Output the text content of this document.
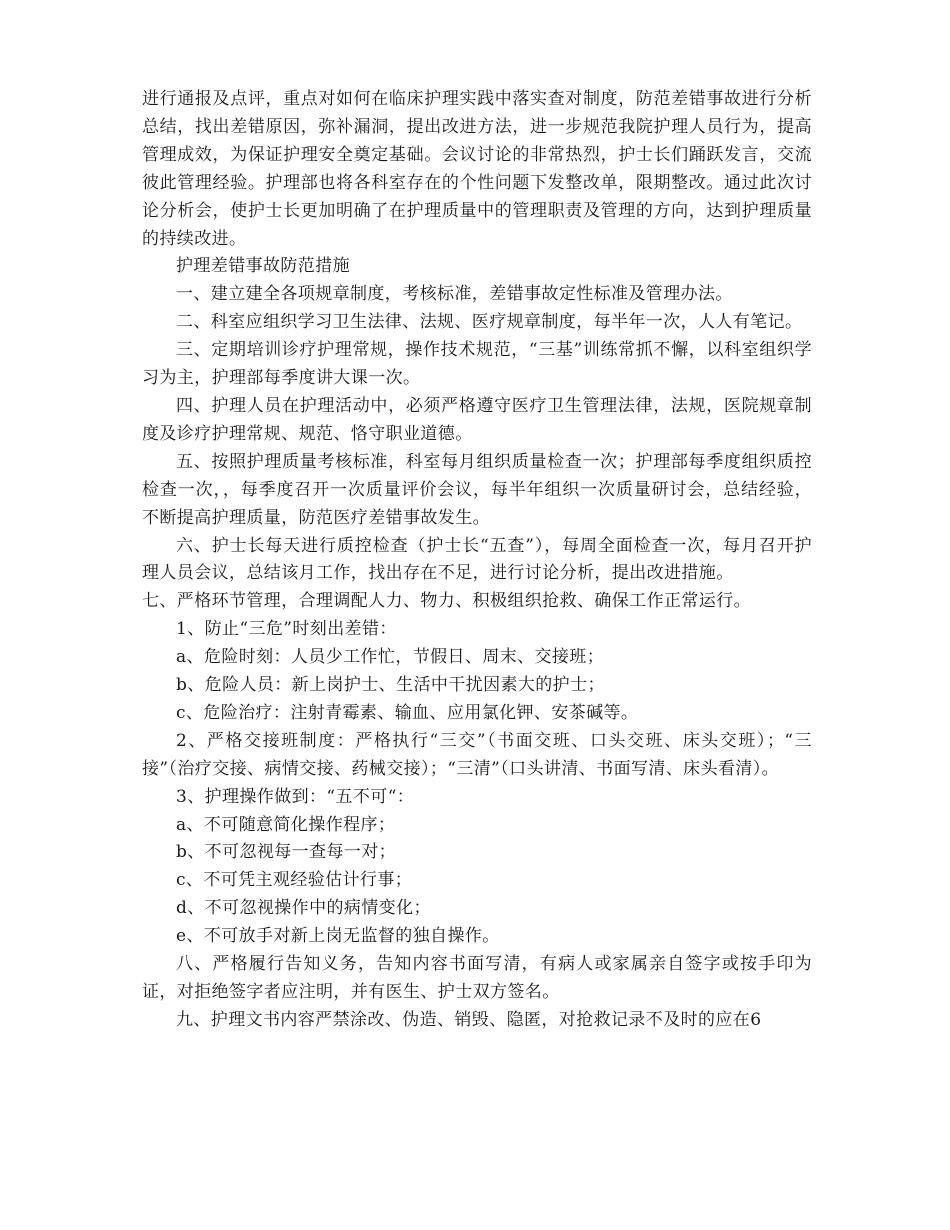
进行通报及点评，重点对如何在临床护理实践中落实查对制度，防范差错事故进行分析总结，找出差错原因，弥补漏洞，提出改进方法，进一步规范我院护理人员行为，提高管理成效，为保证护理安全奠定基础。会议讨论的非常热烈，护士长们踊跃发言，交流彼此管理经验。护理部也将各科室存在的个性问题下发整改单，限期整改。通过此次讨论分析会，使护士长更加明确了在护理质量中的管理职责及管理的方向，达到护理质量的持续改进。

护理差错事故防范措施

一、建立建全各项规章制度，考核标准，差错事故定性标准及管理办法。

二、科室应组织学习卫生法律、法规、医疗规章制度，每半年一次，人人有笔记。

三、定期培训诊疗护理常规，操作技术规范，“三基”训练常抓不懈，以科室组织学习为主，护理部每季度讲大课一次。

四、护理人员在护理活动中，必须严格遵守医疗卫生管理法律，法规，医院规章制度及诊疗护理常规、规范、恪守职业道德。

五、按照护理质量考核标准，科室每月组织质量检查一次；护理部每季度组织质控检查一次，，每季度召开一次质量评价会议，每半年组织一次质量研讨会，总结经验，不断提高护理质量，防范医疗差错事故发生。

六、护士长每天进行质控检查（护士长“五查”），每周全面检查一次，每月召开护理人员会议，总结该月工作，找出存在不足，进行讨论分析，提出改进措施。

七、严格环节管理，合理调配人力、物力、积极组织抢救、确保工作正常运行。

1、防止“三危”时刻出差错：

a、危险时刻：人员少工作忙，节假日、周末、交接班；

b、危险人员：新上岗护士、生活中干扰因素大的护士；

c、危险治疗：注射青霉素、输血、应用氯化钾、安茶碱等。

2、严格交接班制度：严格执行“三交”（书面交班、口头交班、床头交班）；“三接”（治疗交接、病情交接、药械交接）；“三清”（口头讲清、书面写清、床头看清）。

3、护理操作做到：“五不可“：

a、不可随意简化操作程序；

b、不可忽视每一查每一对；

c、不可凭主观经验估计行事；

d、不可忽视操作中的病情变化；

e、不可放手对新上岗无监督的独自操作。

八、严格履行告知义务，告知内容书面写清，有病人或家属亲自签字或按手印为证，对拒绝签字者应注明，并有医生、护士双方签名。

九、护理文书内容严禁涂改、伪造、销毁、隐匿，对抢救记录不及时的应在6
